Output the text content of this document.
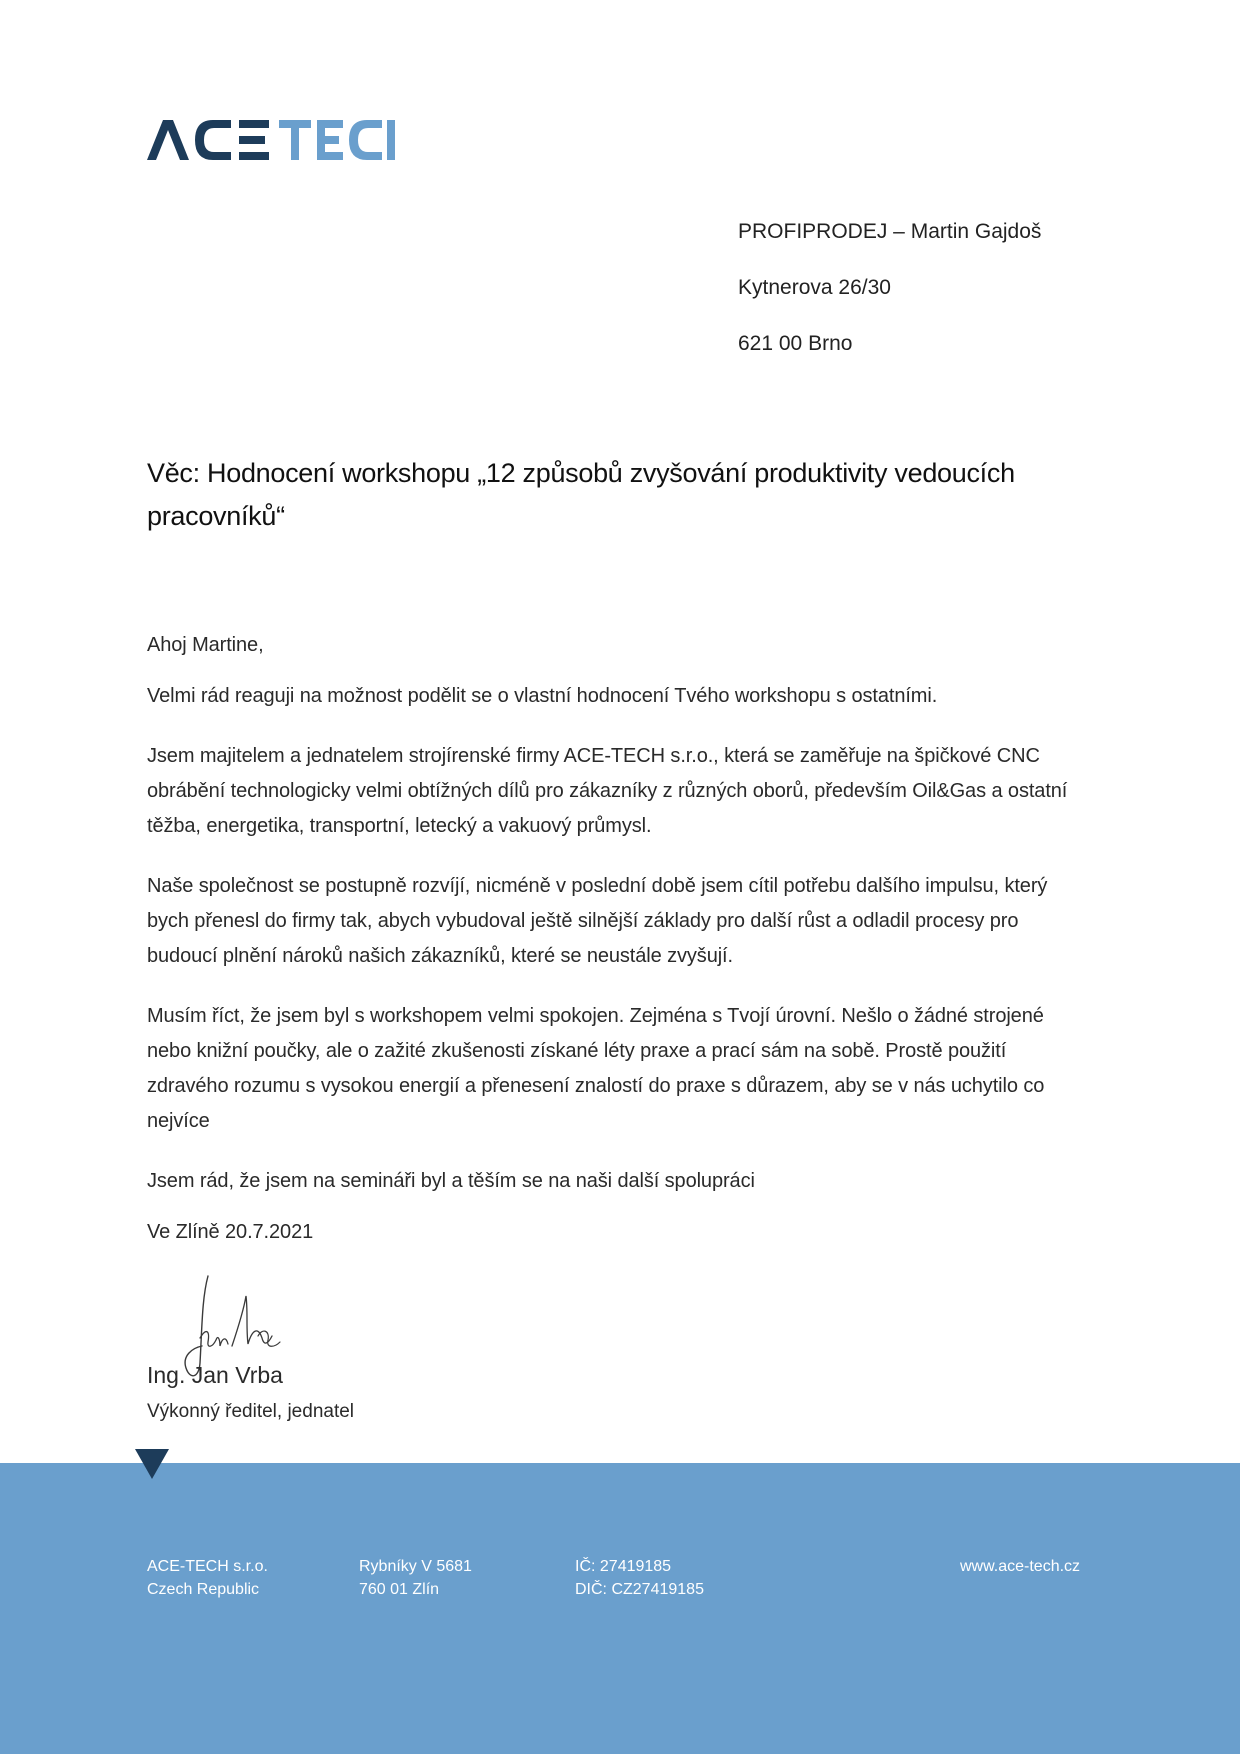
PROFIPRODEJ – Martin Gajdoš
Kytnerova 26/30
621 00 Brno
Věc: Hodnocení workshopu „12 způsobů zvyšování produktivity vedoucích pracovníků“

Ahoj Martine,

Velmi rád reaguji na možnost podělit se o vlastní hodnocení Tvého workshopu s ostatními.

Jsem majitelem a jednatelem strojírenské firmy ACE-TECH s.r.o., která se zaměřuje na špičkové CNC obrábění technologicky velmi obtížných dílů pro zákazníky z různých oborů, především Oil&Gas a ostatní těžba, energetika, transportní, letecký a vakuový průmysl.

Naše společnost se postupně rozvíjí, nicméně v poslední době jsem cítil potřebu dalšího impulsu, který bych přenesl do firmy tak, abych vybudoval ještě silnější základy pro další růst a odladil procesy pro budoucí plnění nároků našich zákazníků, které se neustále zvyšují.

Musím říct, že jsem byl s workshopem velmi spokojen. Zejména s Tvojí úrovní. Nešlo o žádné strojené nebo knižní poučky, ale o zažité zkušenosti získané léty praxe a prací sám na sobě. Prostě použití zdravého rozumu s vysokou energií a přenesení znalostí do praxe s důrazem, aby se v nás uchytilo co nejvíce

Jsem rád, že jsem na semináři byl a těším se na naši další spolupráci

Ve Zlíně 20.7.2021

Ing. Jan Vrba
Výkonný ředitel, jednatel
ACE-TECH s.r.o.
Czech Republic
Rybníky V 5681
760 01 Zlín
IČ: 27419185
DIČ: CZ27419185
www.ace-tech.cz
